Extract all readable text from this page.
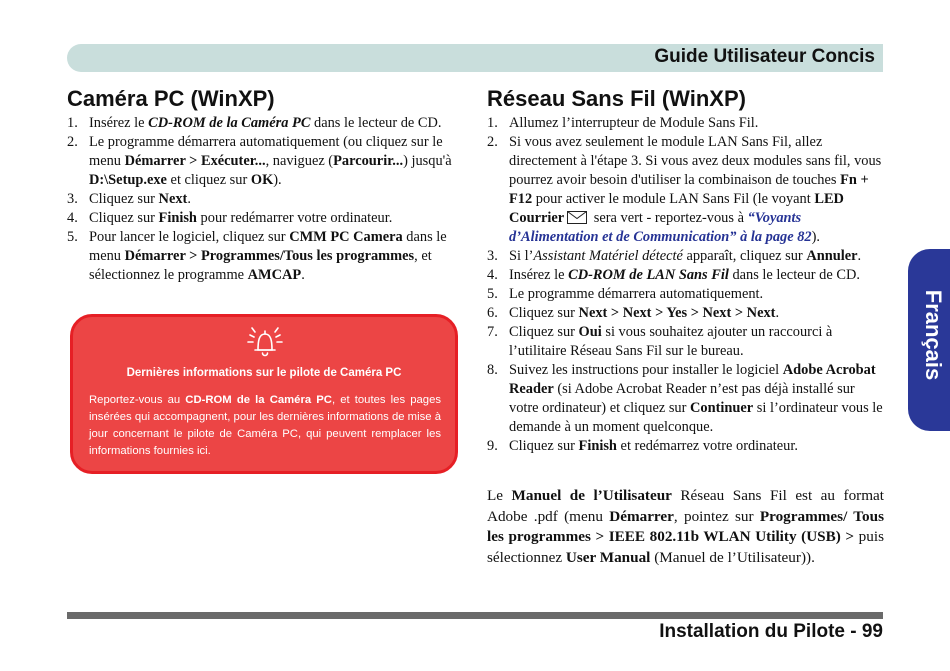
Guide Utilisateur Concis
Caméra PC (WinXP)
1. Insérez le CD-ROM de la Caméra PC dans le lecteur de CD.
2. Le programme démarrera automatiquement (ou cliquez sur le menu Démarrer > Exécuter..., naviguez (Parcourir...) jusqu'à D:\Setup.exe et cliquez sur OK).
3. Cliquez sur Next.
4. Cliquez sur Finish pour redémarrer votre ordinateur.
5. Pour lancer le logiciel, cliquez sur CMM PC Camera dans le menu Démarrer > Programmes/Tous les programmes, et sélectionnez le programme AMCAP.
Dernières informations sur le pilote de Caméra PC
Reportez-vous au CD-ROM de la Caméra PC, et toutes les pages insérées qui accompagnent, pour les dernières informations de mise à jour concernant le pilote de Caméra PC, qui peuvent remplacer les informations fournies ici.
Réseau Sans Fil (WinXP)
1. Allumez l’interrupteur de Module Sans Fil.
2. Si vous avez seulement le module LAN Sans Fil, allez directement à l'étape 3. Si vous avez deux modules sans fil, vous pourrez avoir besoin d'utiliser la combinaison de touches Fn + F12 pour activer le module LAN Sans Fil (le voyant LED Courrier sera vert - reportez-vous à “Voyants d’Alimentation et de Communication” à la page 82).
3. Si l’Assistant Matériel détecté apparaît, cliquez sur Annuler.
4. Insérez le CD-ROM de LAN Sans Fil dans le lecteur de CD.
5. Le programme démarrera automatiquement.
6. Cliquez sur Next > Next > Yes > Next > Next.
7. Cliquez sur Oui si vous souhaitez ajouter un raccourci à l’utilitaire Réseau Sans Fil sur le bureau.
8. Suivez les instructions pour installer le logiciel Adobe Acrobat Reader (si Adobe Acrobat Reader n’est pas déjà installé sur votre ordinateur) et cliquez sur Continuer si l’ordinateur vous le demande à un moment quelconque.
9. Cliquez sur Finish et redémarrez votre ordinateur.

Le Manuel de l’Utilisateur Réseau Sans Fil est au format Adobe .pdf (menu Démarrer, pointez sur Programmes/ Tous les programmes > IEEE 802.11b WLAN Utility (USB) > puis sélectionnez User Manual (Manuel de l’Utilisateur)).

Installation du Pilote - 99
Français
